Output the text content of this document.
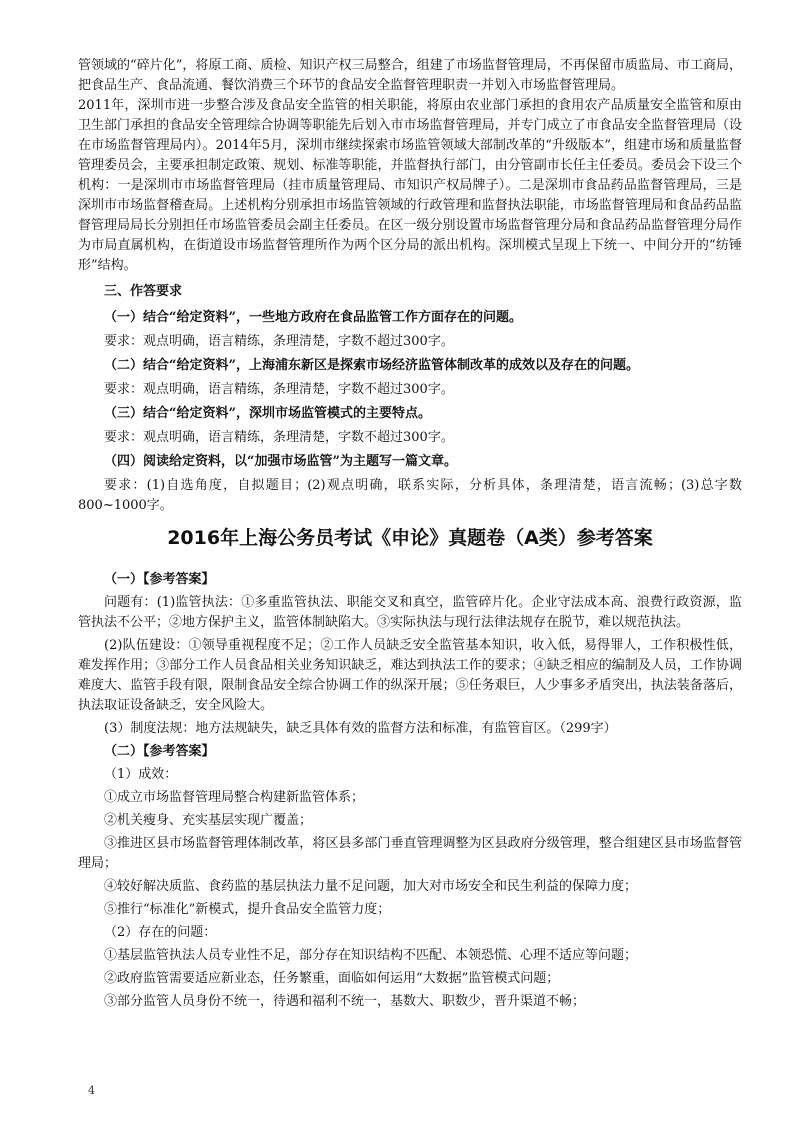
管领域的“碎片化”，将原工商、质检、知识产权三局整合，组建了市场监督管理局，不再保留市质监局、市工商局，把食品生产、食品流通、餐饮消费三个环节的食品安全监督管理职责一并划入市场监督管理局。

2011年，深圳市进一步整合涉及食品安全监管的相关职能，将原由农业部门承担的食用农产品质量安全监管和原由卫生部门承担的食品安全管理综合协调等职能先后划入市市场监督管理局，并专门成立了市食品安全监督管理局（设在市场监督管理局内）。2014年5月，深圳市继续探索市场监管领域大部制改革的“升级版本”，组建市场和质量监督管理委员会，主要承担制定政策、规划、标准等职能，并监督执行部门，由分管副市长任主任委员。委员会下设三个机构：一是深圳市市场监督管理局（挂市质量管理局、市知识产权局牌子）。二是深圳市食品药品监督管理局，三是深圳市市场监督稽查局。上述机构分别承担市场监管领域的行政管理和监督执法职能，市场监督管理局和食品药品监督管理局局长分别担任市场监管委员会副主任委员。在区一级分别设置市场监督管理分局和食品药品监督管理分局作为市局直属机构，在街道设市场监督管理所作为两个区分局的派出机构。深圳模式呈现上下统一、中间分开的“纺锤形”结构。

三、作答要求

（一）结合“给定资料”，一些地方政府在食品监管工作方面存在的问题。

要求：观点明确，语言精练，条理清楚，字数不超过300字。

（二）结合“给定资料”，上海浦东新区是探索市场经济监管体制改革的成效以及存在的问题。

要求：观点明确，语言精练，条理清楚，字数不超过300字。

（三）结合“给定资料”，深圳市场监管模式的主要特点。

要求：观点明确，语言精练，条理清楚，字数不超过300字。

（四）阅读给定资料，以“加强市场监管”为主题写一篇文章。

要求：(1)自选角度，自拟题目；(2)观点明确，联系实际，分析具体，条理清楚，语言流畅；(3)总字数800~1000字。

2016年上海公务员考试《申论》真题卷（A类）参考答案

（一）【参考答案】

问题有：(1)监管执法：①多重监管执法、职能交叉和真空，监管碎片化。企业守法成本高、浪费行政资源，监管执法不公平；②地方保护主义，监管体制缺陷大。③实际执法与现行法律法规存在脱节，难以规范执法。

(2)队伍建设：①领导重视程度不足；②工作人员缺乏安全监管基本知识，收入低，易得罪人，工作积极性低，难发挥作用；③部分工作人员食品相关业务知识缺乏，难达到执法工作的要求；④缺乏相应的编制及人员，工作协调难度大、监管手段有限，限制食品安全综合协调工作的纵深开展；⑤任务艰巨，人少事多矛盾突出，执法装备落后，执法取证设备缺乏，安全风险大。

(3）制度法规：地方法规缺失，缺乏具体有效的监督方法和标准，有监管盲区。（299字）

（二）【参考答案】

（1）成效：

①成立市场监督管理局整合构建新监管体系；

②机关瘦身、充实基层实现广覆盖；

③推进区县市场监督管理体制改革，将区县多部门垂直管理调整为区县政府分级管理，整合组建区县市场监督管理局；

④较好解决质监、食药监的基层执法力量不足问题，加大对市场安全和民生利益的保障力度；

⑤推行“标准化”新模式，提升食品安全监管力度；

（2）存在的问题：

①基层监管执法人员专业性不足，部分存在知识结构不匹配、本领恐慌、心理不适应等问题；

②政府监管需要适应新业态，任务繁重，面临如何运用“大数据”监管模式问题；

③部分监管人员身份不统一，待遇和福利不统一，基数大、职数少，晋升渠道不畅；

4
